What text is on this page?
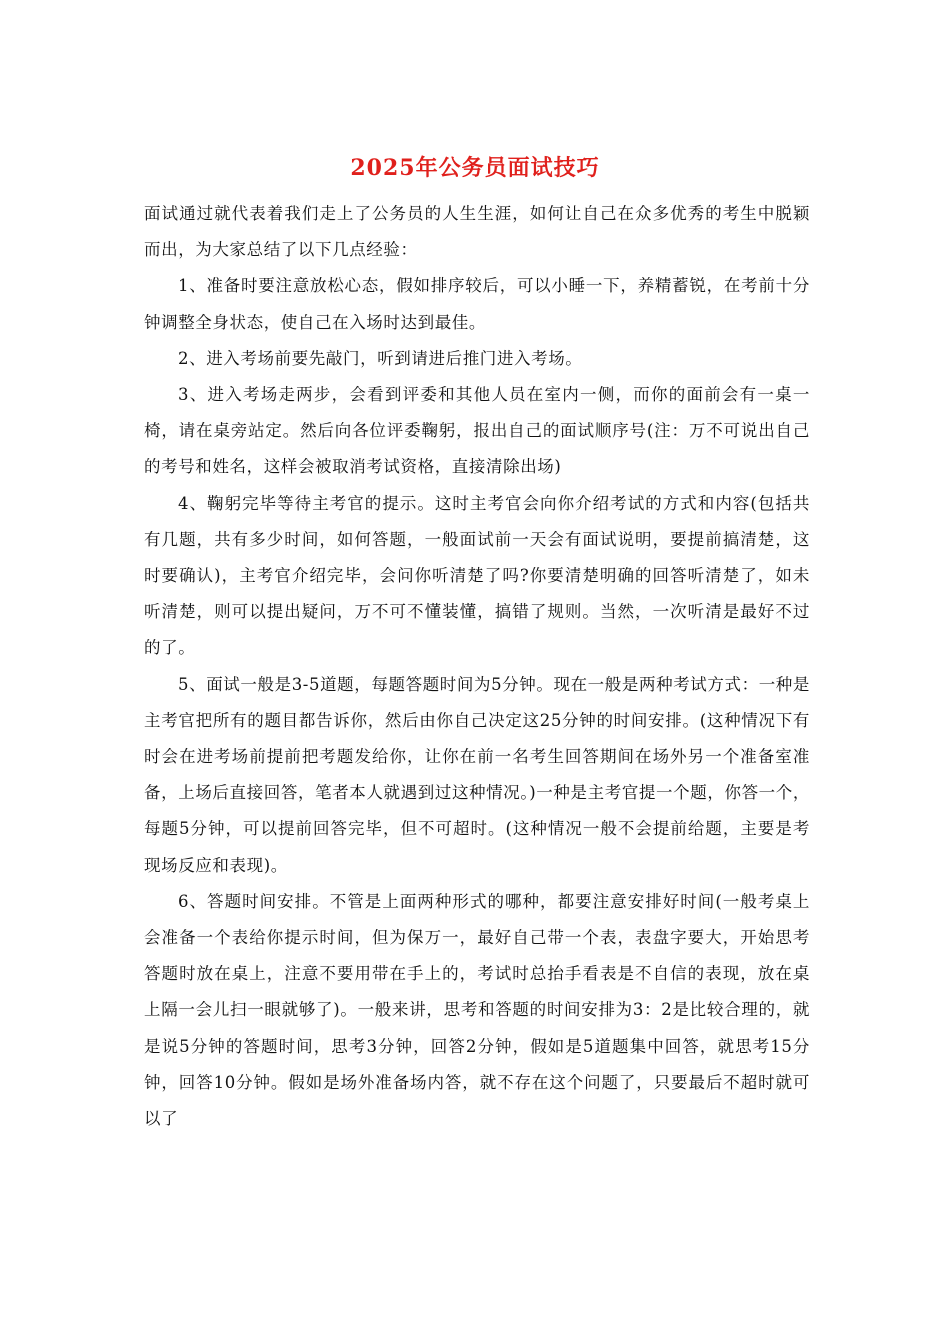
2025年公务员面试技巧

面试通过就代表着我们走上了公务员的人生生涯，如何让自己在众多优秀的考生中脱颖而出，为大家总结了以下几点经验：

1、准备时要注意放松心态，假如排序较后，可以小睡一下，养精蓄锐，在考前十分钟调整全身状态，使自己在入场时达到最佳。

2、进入考场前要先敲门，听到请进后推门进入考场。

3、进入考场走两步，会看到评委和其他人员在室内一侧，而你的面前会有一桌一椅，请在桌旁站定。然后向各位评委鞠躬，报出自己的面试顺序号(注：万不可说出自己的考号和姓名，这样会被取消考试资格，直接清除出场)

4、鞠躬完毕等待主考官的提示。这时主考官会向你介绍考试的方式和内容(包括共有几题，共有多少时间，如何答题，一般面试前一天会有面试说明，要提前搞清楚，这时要确认)，主考官介绍完毕，会问你听清楚了吗?你要清楚明确的回答听清楚了，如未听清楚，则可以提出疑问，万不可不懂装懂，搞错了规则。当然，一次听清是最好不过的了。

5、面试一般是3-5道题，每题答题时间为5分钟。现在一般是两种考试方式：一种是主考官把所有的题目都告诉你，然后由你自己决定这25分钟的时间安排。(这种情况下有时会在进考场前提前把考题发给你，让你在前一名考生回答期间在场外另一个准备室准备，上场后直接回答，笔者本人就遇到过这种情况。)一种是主考官提一个题，你答一个，每题5分钟，可以提前回答完毕，但不可超时。(这种情况一般不会提前给题，主要是考现场反应和表现)。

6、答题时间安排。不管是上面两种形式的哪种，都要注意安排好时间(一般考桌上会准备一个表给你提示时间，但为保万一，最好自己带一个表，表盘字要大，开始思考答题时放在桌上，注意不要用带在手上的，考试时总抬手看表是不自信的表现，放在桌上隔一会儿扫一眼就够了)。一般来讲，思考和答题的时间安排为3：2是比较合理的，就是说5分钟的答题时间，思考3分钟，回答2分钟，假如是5道题集中回答，就思考15分钟，回答10分钟。假如是场外准备场内答，就不存在这个问题了，只要最后不超时就可以了
